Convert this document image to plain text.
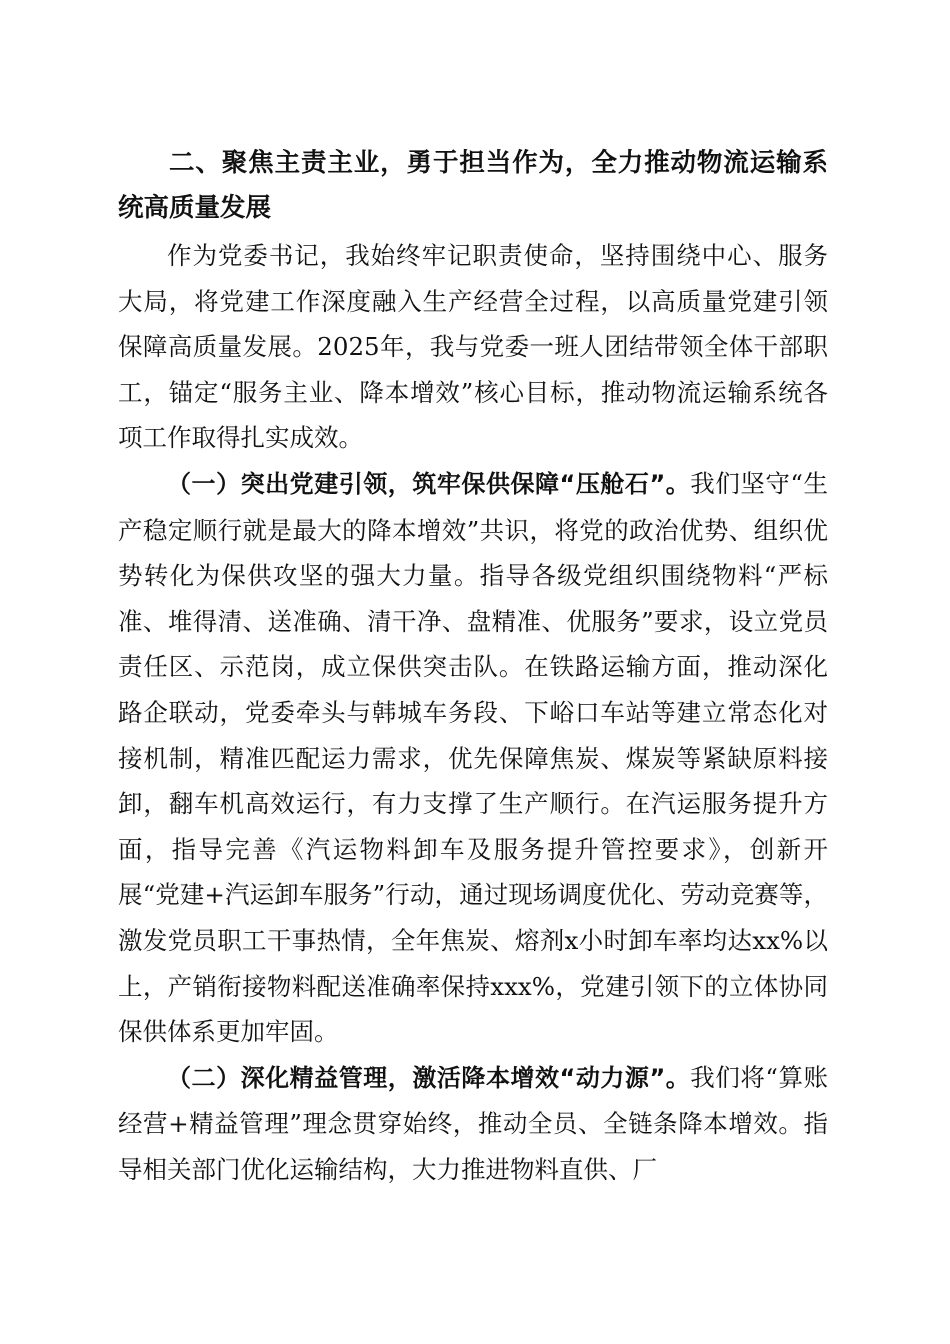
二、聚焦主责主业，勇于担当作为，全力推动物流运输系统高质量发展

作为党委书记，我始终牢记职责使命，坚持围绕中心、服务大局，将党建工作深度融入生产经营全过程，以高质量党建引领保障高质量发展。2025年，我与党委一班人团结带领全体干部职工，锚定“服务主业、降本增效”核心目标，推动物流运输系统各项工作取得扎实成效。

（一）突出党建引领，筑牢保供保障“压舱石”。我们坚守“生产稳定顺行就是最大的降本增效”共识，将党的政治优势、组织优势转化为保供攻坚的强大力量。指导各级党组织围绕物料“严标准、堆得清、送准确、清干净、盘精准、优服务”要求，设立党员责任区、示范岗，成立保供突击队。在铁路运输方面，推动深化路企联动，党委牵头与韩城车务段、下峪口车站等建立常态化对接机制，精准匹配运力需求，优先保障焦炭、煤炭等紧缺原料接卸，翻车机高效运行，有力支撑了生产顺行。在汽运服务提升方面，指导完善《汽运物料卸车及服务提升管控要求》，创新开展“党建+汽运卸车服务”行动，通过现场调度优化、劳动竞赛等，激发党员职工干事热情，全年焦炭、熔剂x小时卸车率均达xx%以上，产销衔接物料配送准确率保持xxx%，党建引领下的立体协同保供体系更加牢固。

（二）深化精益管理，激活降本增效“动力源”。我们将“算账经营+精益管理”理念贯穿始终，推动全员、全链条降本增效。指导相关部门优化运输结构，大力推进物料直供、厂
